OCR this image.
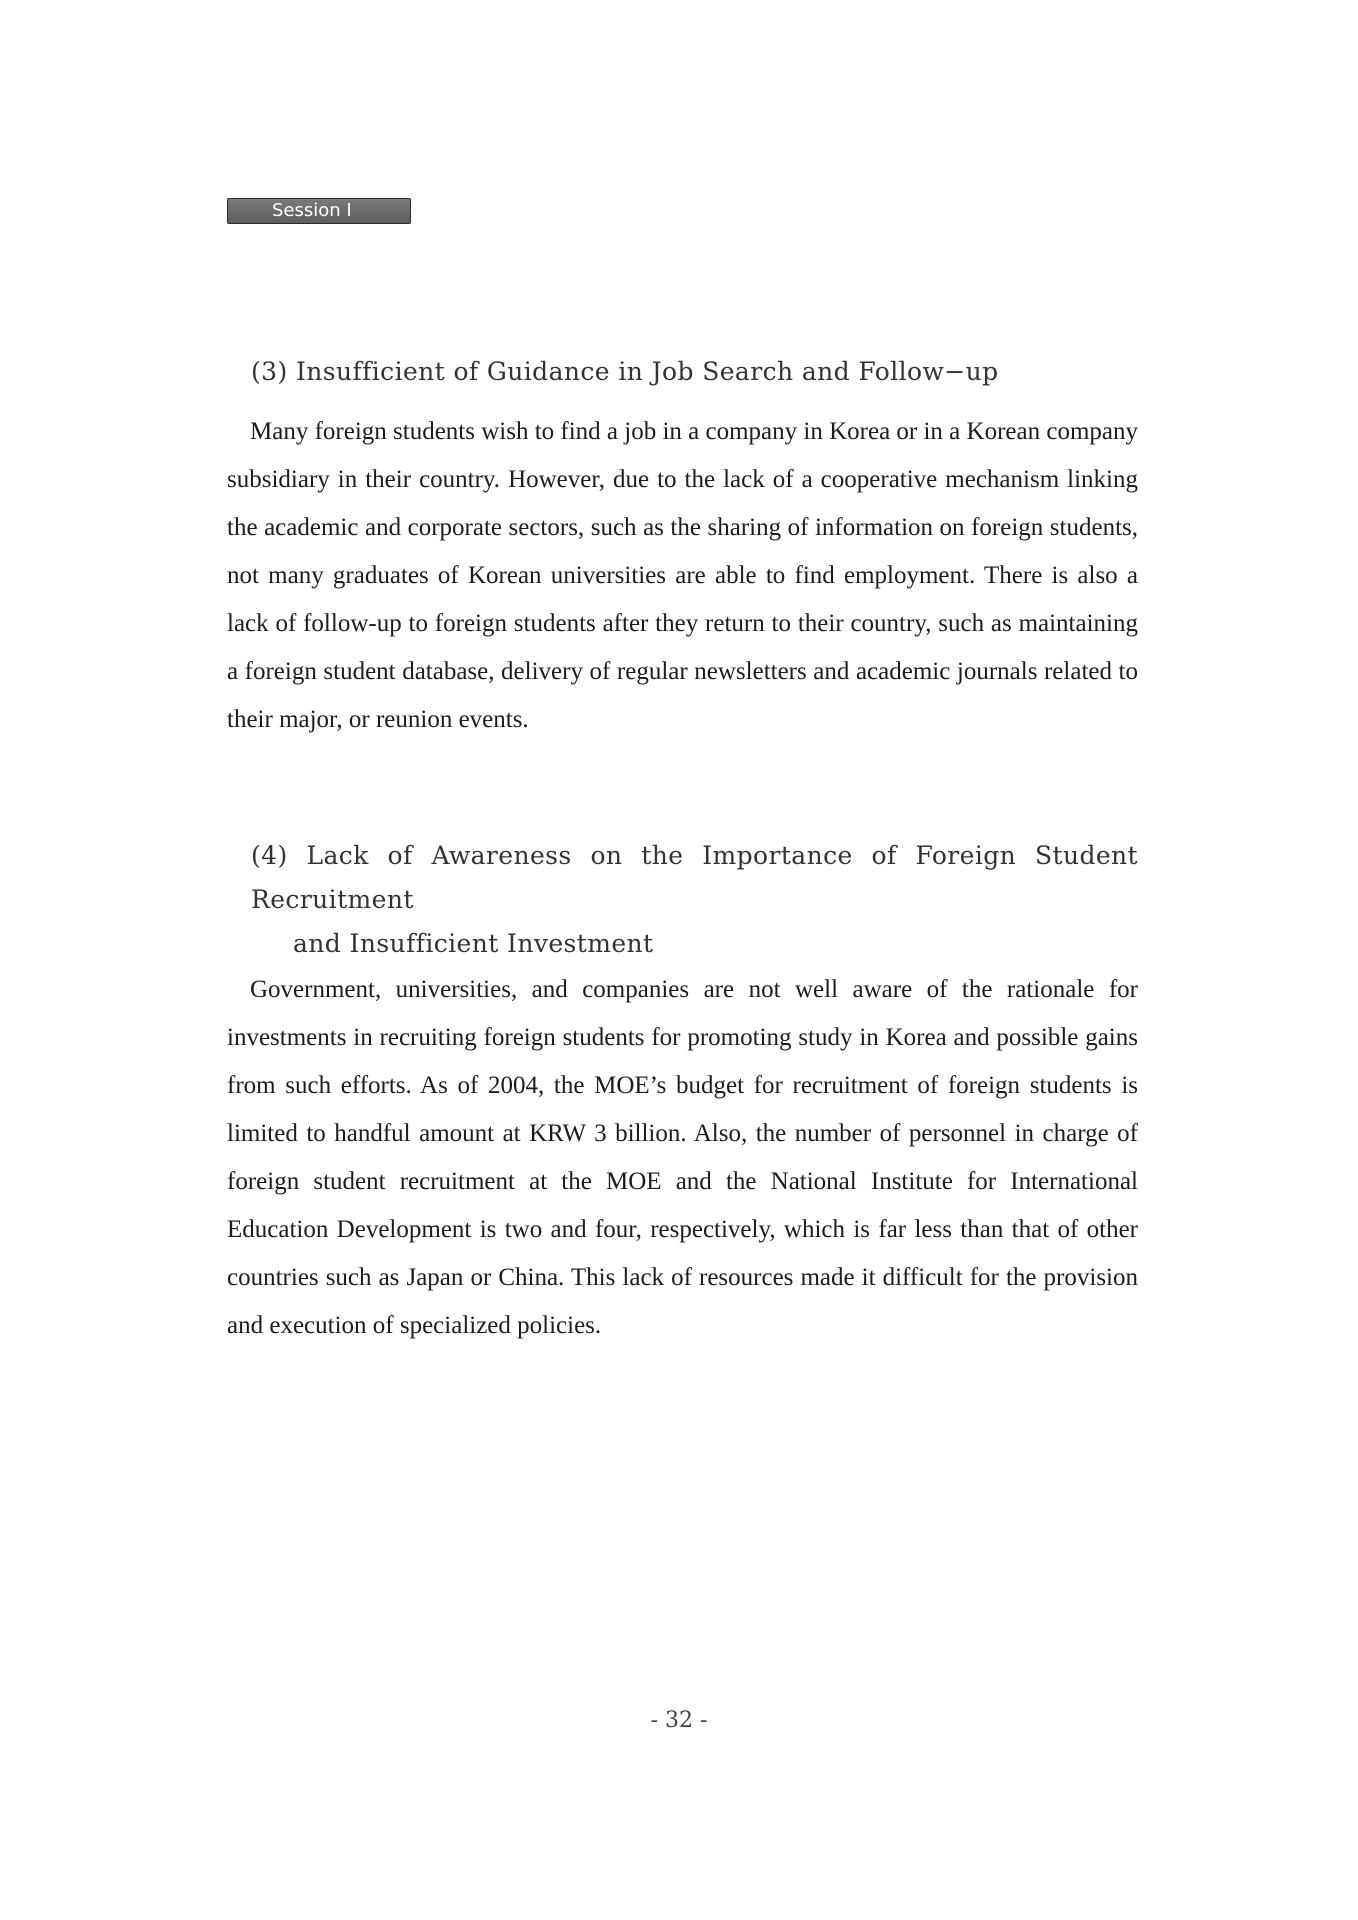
Session Ⅰ
(3) Insufficient of Guidance in Job Search and Follow−up

Many foreign students wish to find a job in a company in Korea or in a Korean company subsidiary in their country. However, due to the lack of a cooperative mechanism linking the academic and corporate sectors, such as the sharing of information on foreign students, not many graduates of Korean universities are able to find employment. There is also a lack of follow-up to foreign students after they return to their country, such as maintaining a foreign student database, delivery of regular newsletters and academic journals related to their major, or reunion events.

(4) Lack of Awareness on the Importance of Foreign Student Recruitment
and Insufficient Investment

Government, universities, and companies are not well aware of the rationale for investments in recruiting foreign students for promoting study in Korea and possible gains from such efforts. As of 2004, the MOE’s budget for recruitment of foreign students is limited to handful amount at KRW 3 billion. Also, the number of personnel in charge of foreign student recruitment at the MOE and the National Institute for International Education Development is two and four, respectively, which is far less than that of other countries such as Japan or China. This lack of resources made it difficult for the provision and execution of specialized policies.

- 32 -
